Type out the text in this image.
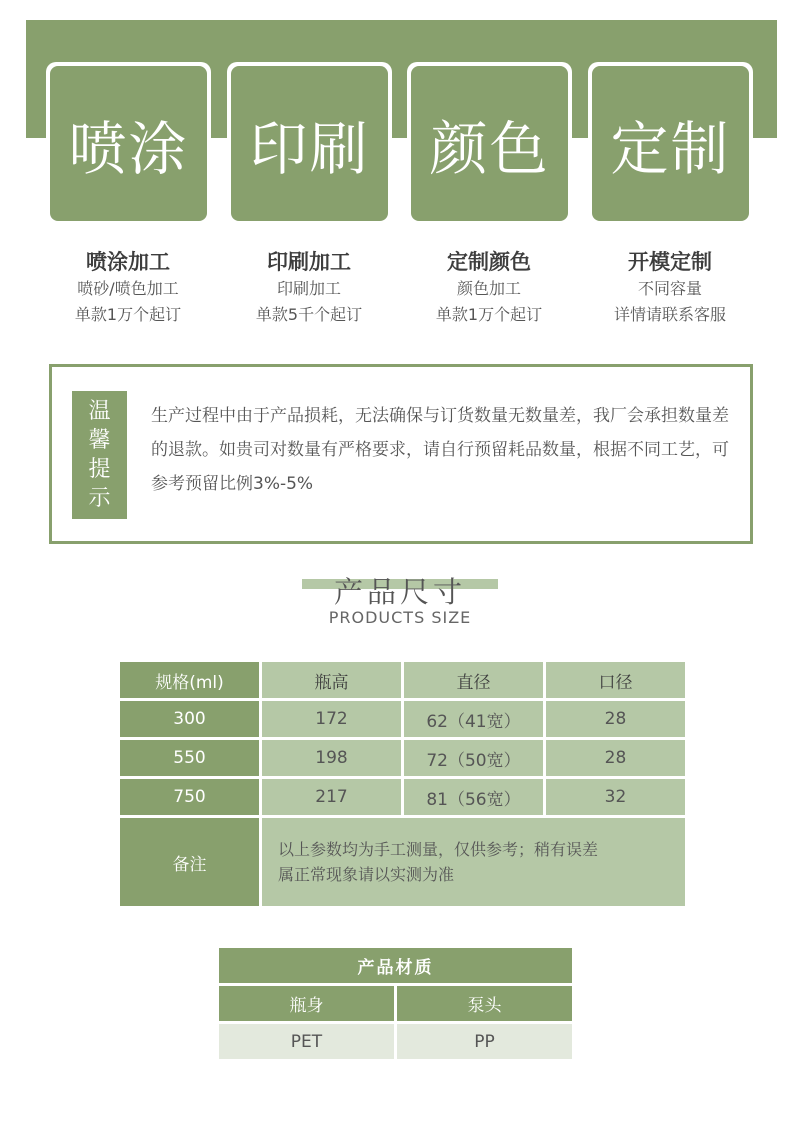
喷涂 印刷 颜色 定制
喷涂加工
喷砂/喷色加工
单款1万个起订
印刷加工
印刷加工
单款5千个起订
定制颜色
颜色加工
单款1万个起订
开模定制
不同容量
详情请联系客服
温
馨
提
示
生产过程中由于产品损耗，无法确保与订货数量无数量差，我厂会承担数量差的退款。如贵司对数量有严格要求，请自行预留耗品数量，根据不同工艺，可参考预留比例3%-5%
产品尺寸
PRODUCTS SIZE
规格(ml)	瓶高	直径	口径
300	172	62（41宽）	28
550	198	72（50宽）	28
750	217	81（56宽）	32
备注	以上参数均为手工测量，仅供参考；稍有误差
属正常现象请以实测为准		
产品材质	
瓶身	泵头
PET	PP
